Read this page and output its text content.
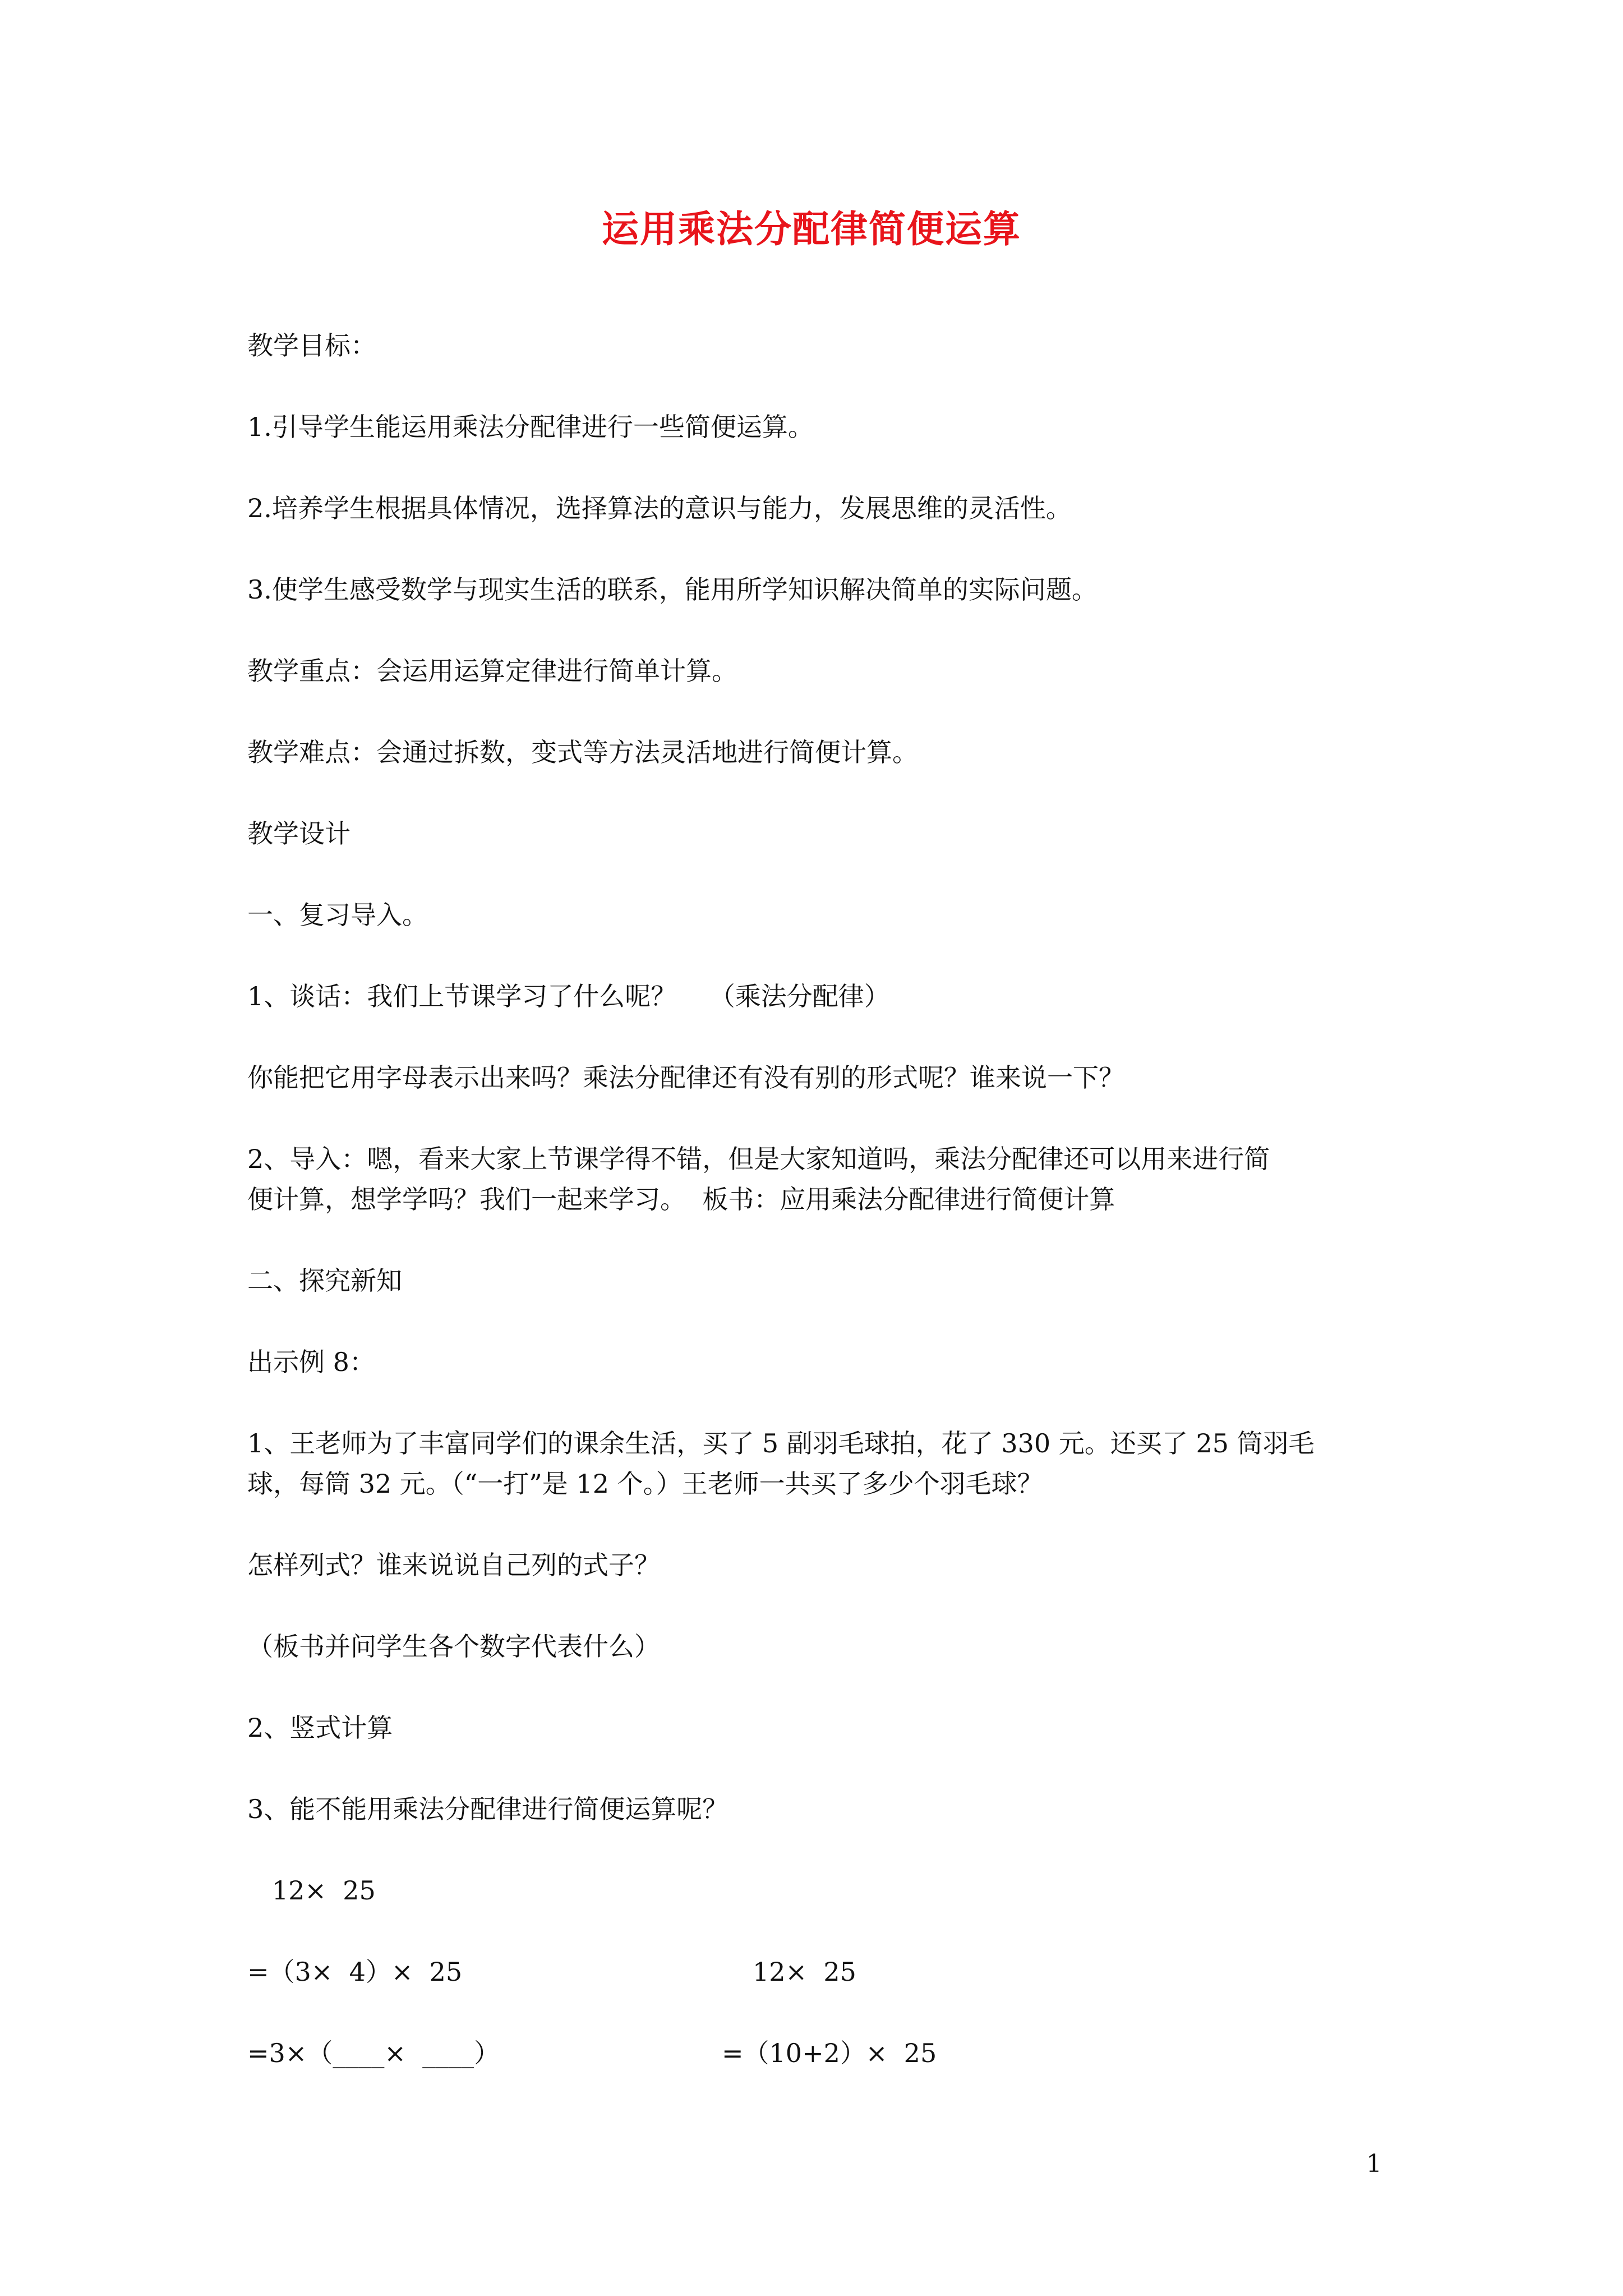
运用乘法分配律简便运算
教学目标：
1.引导学生能运用乘法分配律进行一些简便运算。
2.培养学生根据具体情况，选择算法的意识与能力，发展思维的灵活性。
3.使学生感受数学与现实生活的联系，能用所学知识解决简单的实际问题。
教学重点：会运用运算定律进行简单计算。
教学难点：会通过拆数，变式等方法灵活地进行简便计算。
教学设计
一、复习导入。
1、谈话：我们上节课学习了什么呢？    （乘法分配律）
你能把它用字母表示出来吗？乘法分配律还有没有别的形式呢？谁来说一下？
2、导入：嗯，看来大家上节课学得不错，但是大家知道吗，乘法分配律还可以用来进行简
便计算，想学学吗？我们一起来学习。  板书：应用乘法分配律进行简便计算
二、探究新知
出示例 8：
1、王老师为了丰富同学们的课余生活，买了 5 副羽毛球拍，花了 330 元。还买了 25 筒羽毛
球，每筒 32 元。（“一打”是 12 个。）王老师一共买了多少个羽毛球？
怎样列式？谁来说说自己列的式子？
（板书并问学生各个数字代表什么）
2、竖式计算
3、能不能用乘法分配律进行简便运算呢？
12×  25
=（3×  4）×  25
=3×（____×  ____）
12×  25
=（10+2）×  25
1
